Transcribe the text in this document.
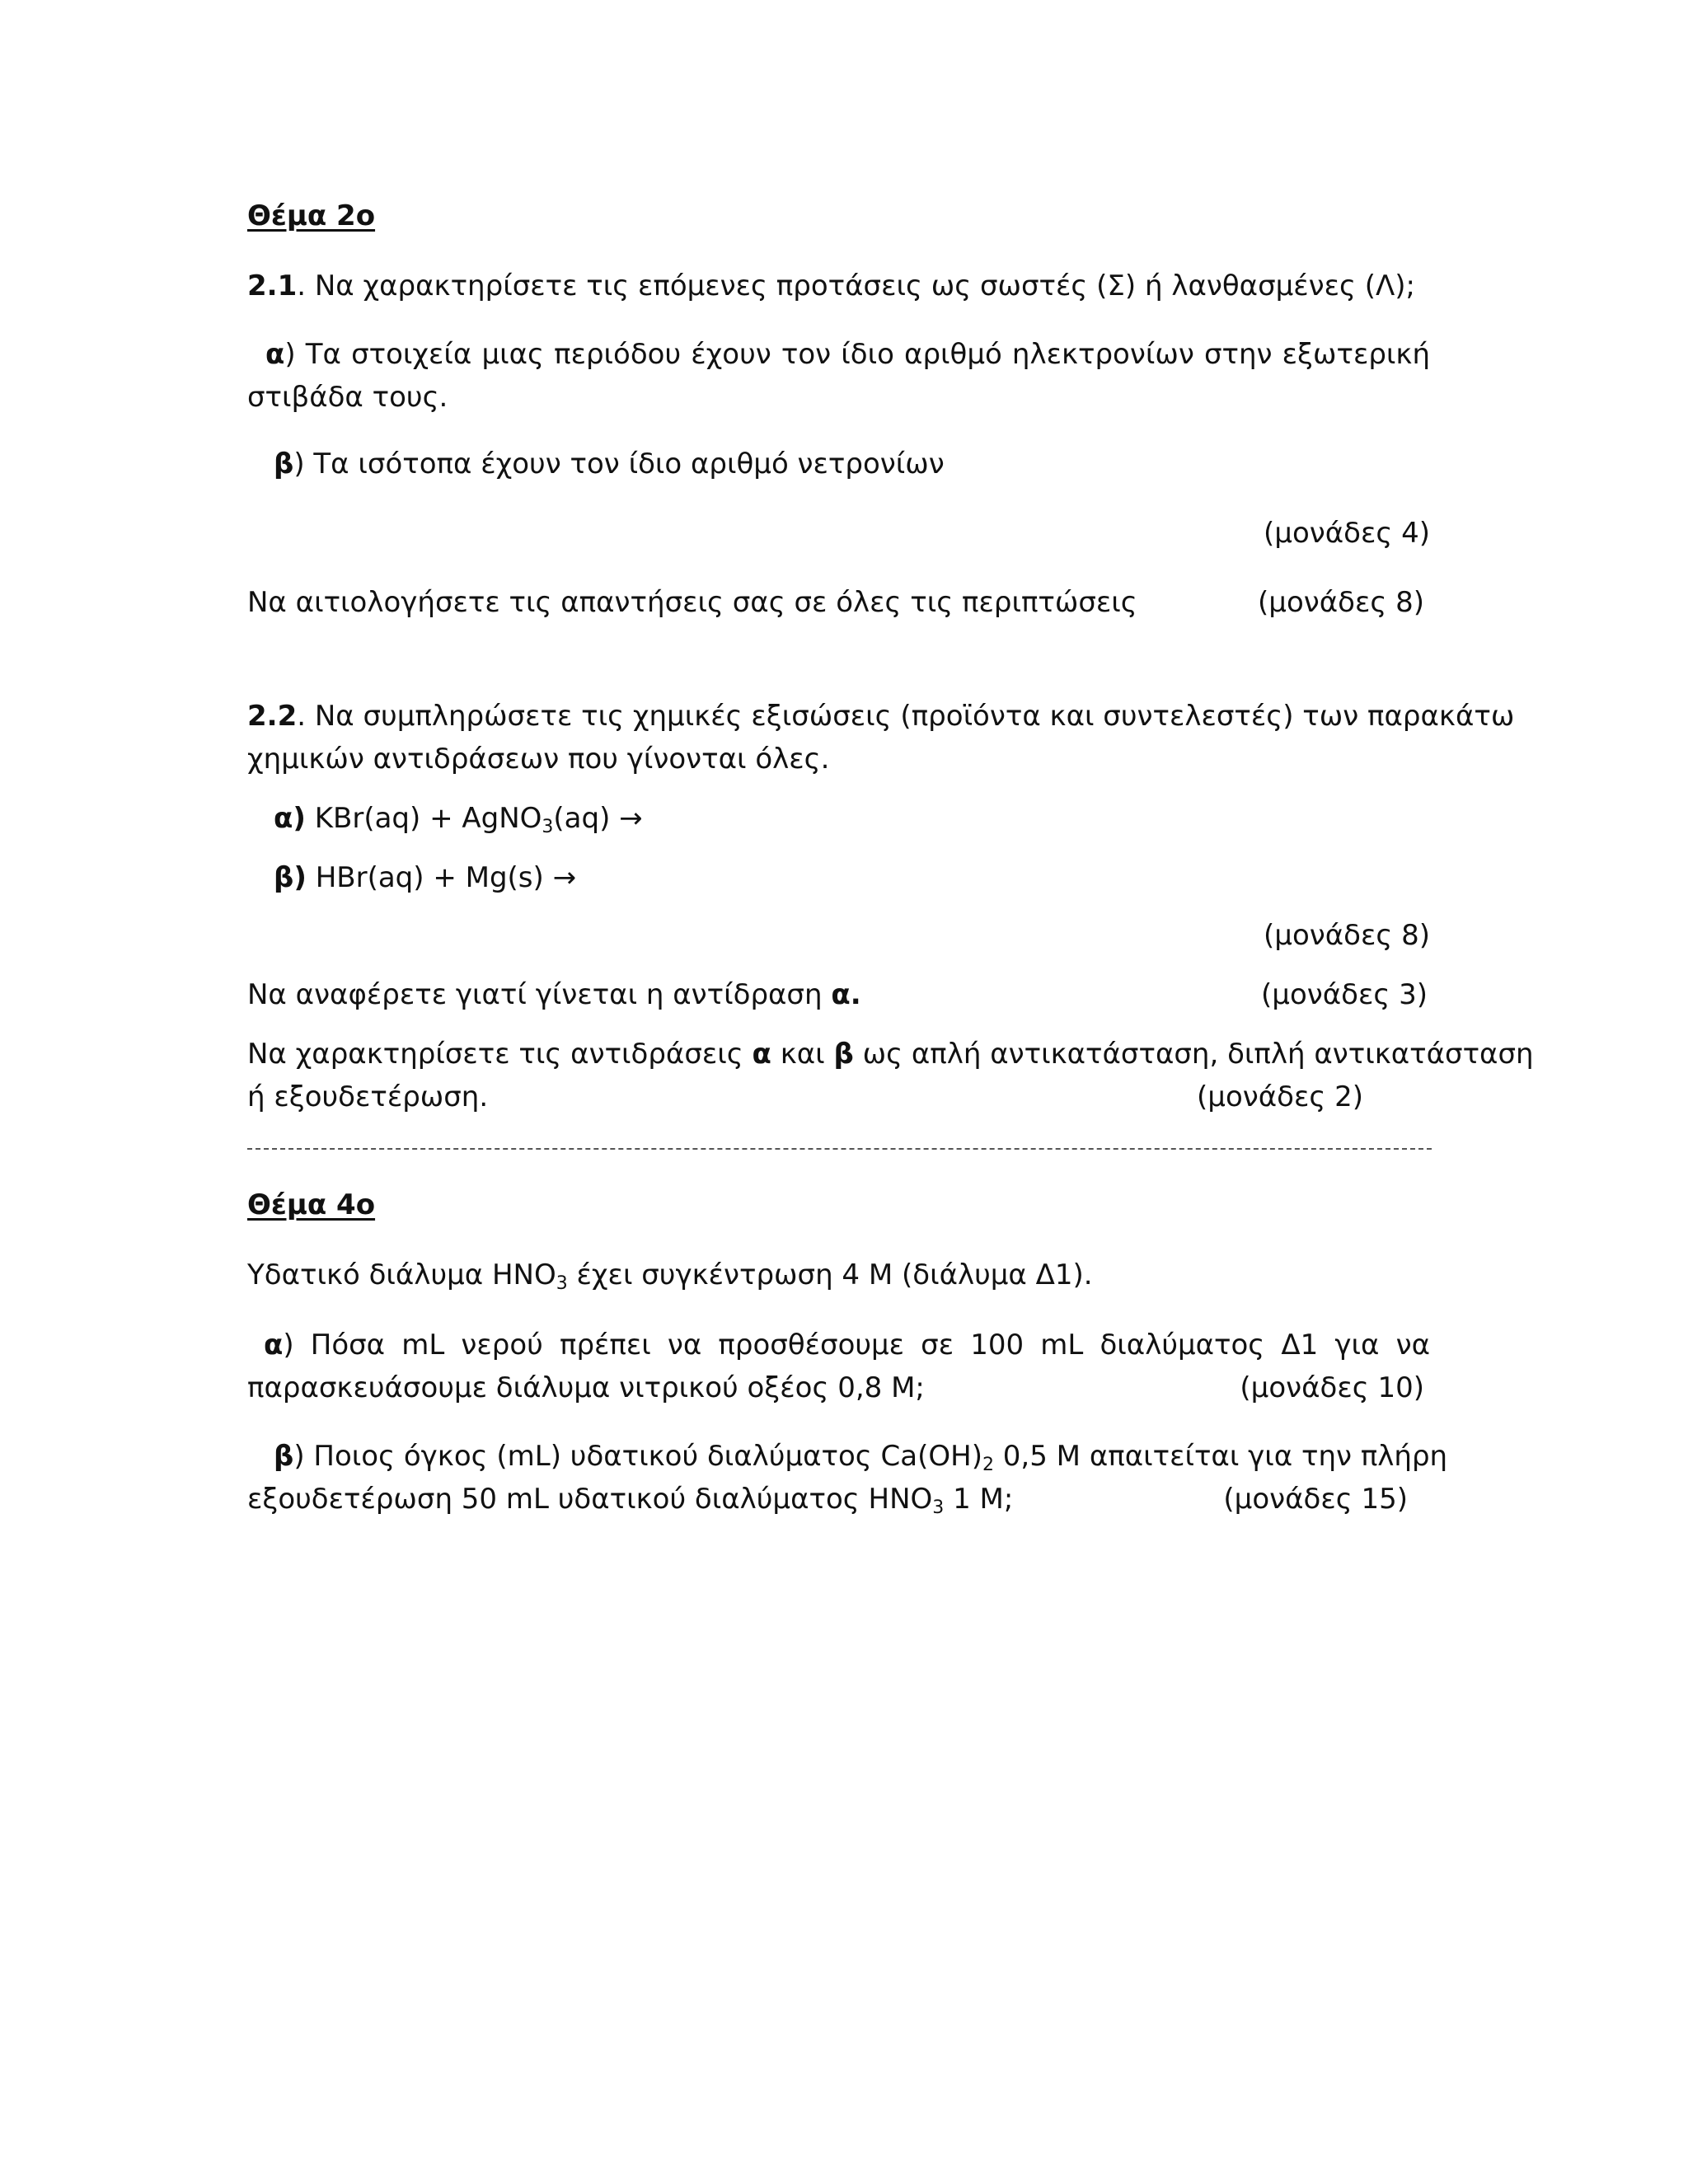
Θέμα 2ο
2.1. Να χαρακτηρίσετε τις επόμενες προτάσεις ως σωστές (Σ) ή λανθασμένες (Λ);
α) Τα στοιχεία μιας περιόδου έχουν τον ίδιο αριθμό ηλεκτρονίων στην εξωτερική
στιβάδα τους.
β) Τα ισότοπα έχουν τον ίδιο αριθμό νετρονίων
(μονάδες 4)
Να αιτιολογήσετε τις απαντήσεις σας σε όλες τις περιπτώσεις	(μονάδες 8)
2.2. Να συμπληρώσετε τις χημικές εξισώσεις (προϊόντα και συντελεστές) των παρακάτω
χημικών αντιδράσεων που γίνονται όλες.
α) KBr(aq) + AgNO$_3$(aq) →
β) HBr(aq) + Mg(s) →
(μονάδες 8)
Να αναφέρετε γιατί γίνεται η αντίδραση α.	(μονάδες 3)
Να χαρακτηρίσετε τις αντιδράσεις α και β ως απλή αντικατάσταση, διπλή αντικατάσταση
ή εξουδετέρωση.	(μονάδες 2)
Θέμα 4ο
Υδατικό διάλυμα $HNO_3$ έχει συγκέντρωση 4 M (διάλυμα Δ1).
α) Πόσα mL νερού πρέπει να προσθέσουμε σε 100 mL διαλύματος Δ1 για να
παρασκευάσουμε διάλυμα νιτρικού οξέος 0,8 Μ;	(μονάδες 10)
β) Ποιος όγκος (mL) υδατικού διαλύματος $Ca(OH)_2$ 0,5 M απαιτείται για την πλήρη
εξουδετέρωση 50 mL υδατικού διαλύματος $HNO_3$ 1 M;	(μονάδες 15)
